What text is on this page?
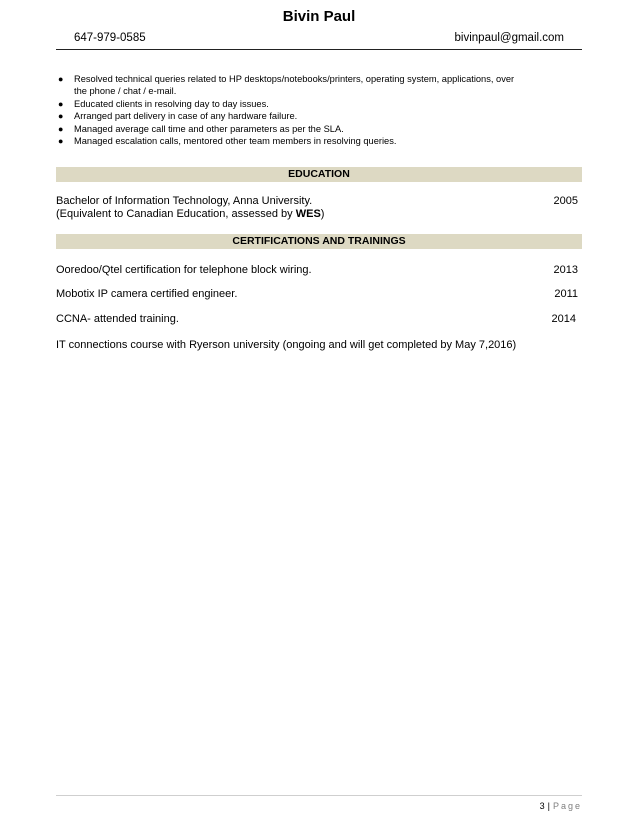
Bivin Paul
647-979-0585	bivinpaul@gmail.com
● Resolved technical queries related to HP desktops/notebooks/printers, operating system, applications, over
the phone / chat / e-mail.
● Educated clients in resolving day to day issues.
● Arranged part delivery in case of any hardware failure.
● Managed average call time and other parameters as per the SLA.
● Managed escalation calls, mentored other team members in resolving queries.
EDUCATION
Bachelor of Information Technology, Anna University.	2005
(Equivalent to Canadian Education, assessed by WES)
CERTIFICATIONS AND TRAININGS
Ooredoo/Qtel certification for telephone block wiring.	2013
Mobotix IP camera certified engineer.	2011
CCNA- attended training.	2014
IT connections course with Ryerson university (ongoing and will get completed by May 7,2016)
3 | Page
